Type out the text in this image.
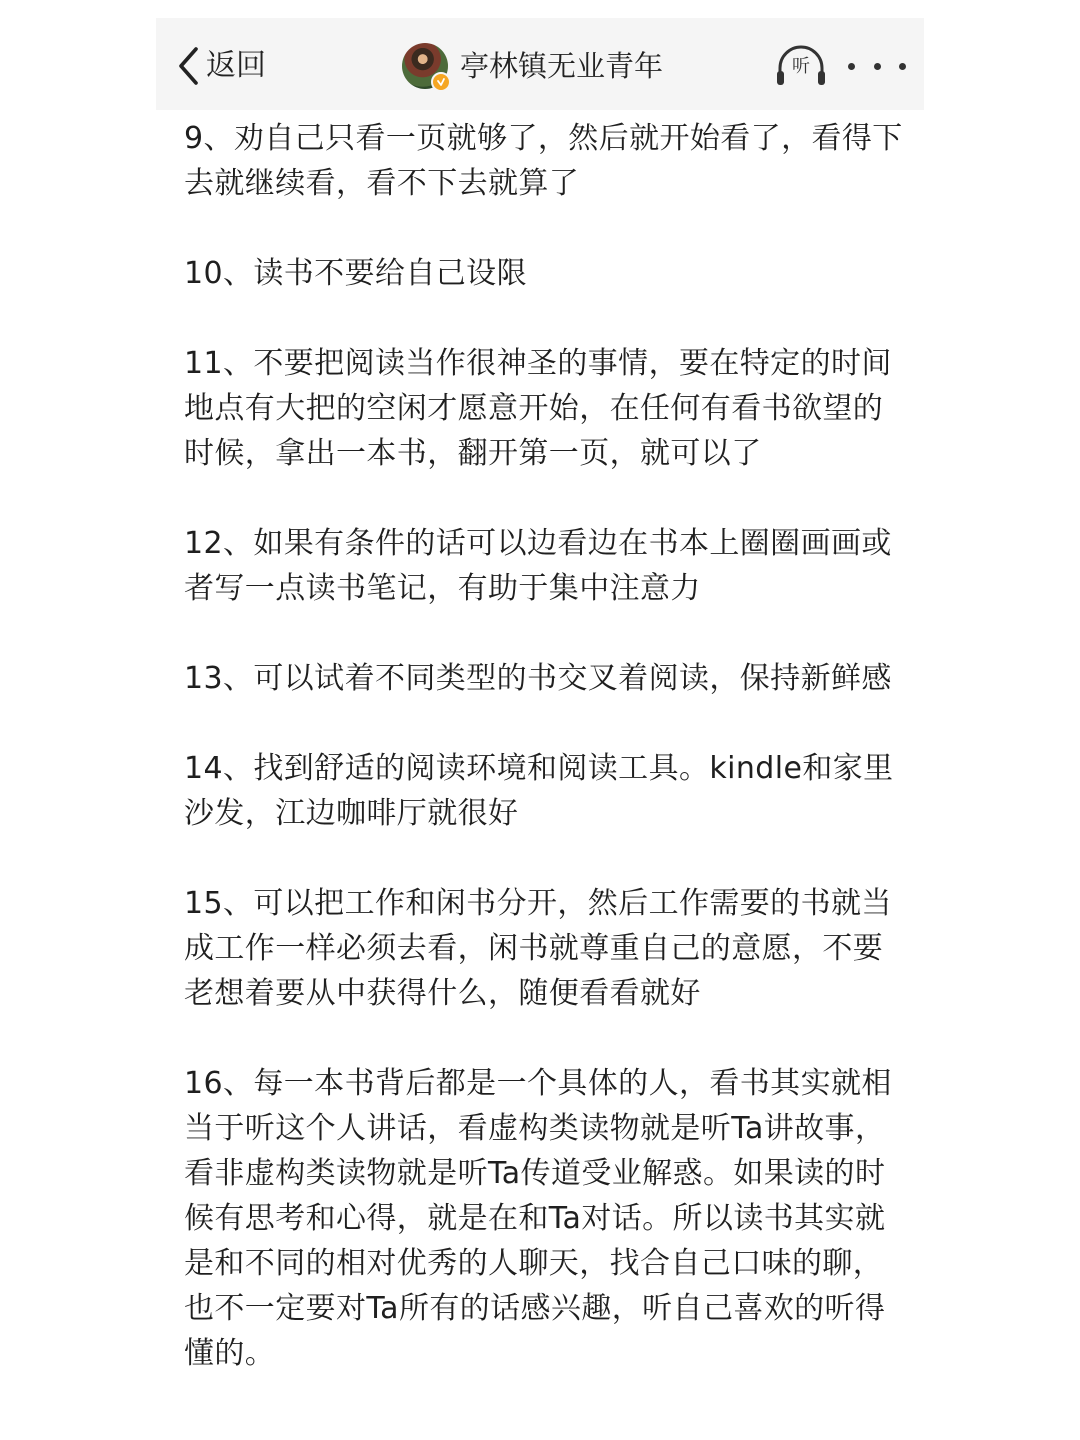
返回	亭林镇无业青年	听

9、劝自己只看一页就够了，然后就开始看了，看得下去就继续看，看不下去就算了

10、读书不要给自己设限

11、不要把阅读当作很神圣的事情，要在特定的时间地点有大把的空闲才愿意开始，在任何有看书欲望的时候，拿出一本书，翻开第一页，就可以了

12、如果有条件的话可以边看边在书本上圈圈画画或者写一点读书笔记，有助于集中注意力

13、可以试着不同类型的书交叉着阅读，保持新鲜感

14、找到舒适的阅读环境和阅读工具。kindle和家里沙发，江边咖啡厅就很好

15、可以把工作和闲书分开，然后工作需要的书就当成工作一样必须去看，闲书就尊重自己的意愿，不要老想着要从中获得什么，随便看看就好

16、每一本书背后都是一个具体的人，看书其实就相当于听这个人讲话，看虚构类读物就是听Ta讲故事，看非虚构类读物就是听Ta传道受业解惑。如果读的时候有思考和心得，就是在和Ta对话。所以读书其实就是和不同的相对优秀的人聊天，找合自己口味的聊，也不一定要对Ta所有的话感兴趣，听自己喜欢的听得懂的。
